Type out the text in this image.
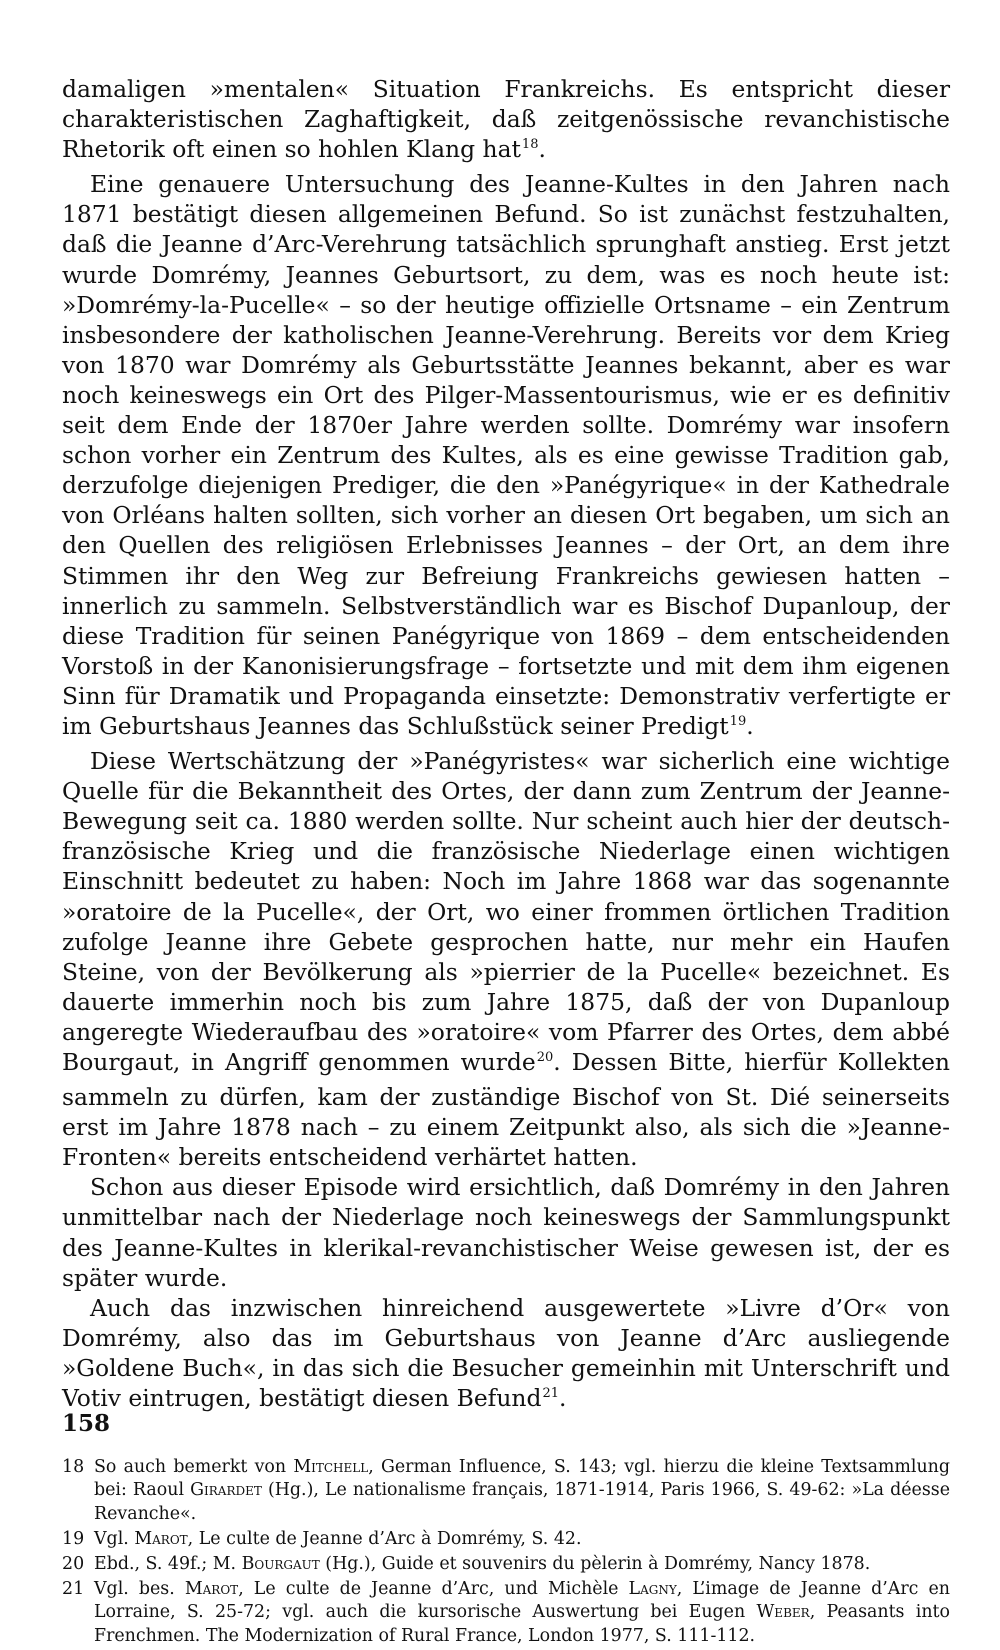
damaligen »mentalen« Situation Frankreichs. Es entspricht dieser charakteristischen Zaghaftigkeit, daß zeitgenössische revanchistische Rhetorik oft einen so hohlen Klang hat$^{18}$.

Eine genauere Untersuchung des Jeanne-Kultes in den Jahren nach 1871 bestätigt diesen allgemeinen Befund. So ist zunächst festzuhalten, daß die Jeanne d’Arc-Verehrung tatsächlich sprunghaft anstieg. Erst jetzt wurde Domrémy, Jeannes Geburtsort, zu dem, was es noch heute ist: »Domrémy-la-Pucelle« – so der heutige offizielle Ortsname – ein Zentrum insbesondere der katholischen Jeanne-Verehrung. Bereits vor dem Krieg von 1870 war Domrémy als Geburtsstätte Jeannes bekannt, aber es war noch keineswegs ein Ort des Pilger-Massentourismus, wie er es definitiv seit dem Ende der 1870er Jahre werden sollte. Domrémy war insofern schon vorher ein Zentrum des Kultes, als es eine gewisse Tradition gab, derzufolge diejenigen Prediger, die den »Panégyrique« in der Kathedrale von Orléans halten sollten, sich vorher an diesen Ort begaben, um sich an den Quellen des religiösen Erlebnisses Jeannes – der Ort, an dem ihre Stimmen ihr den Weg zur Befreiung Frankreichs gewiesen hatten – innerlich zu sammeln. Selbstverständlich war es Bischof Dupanloup, der diese Tradition für seinen Panégyrique von 1869 – dem entscheidenden Vorstoß in der Kanonisierungsfrage – fortsetzte und mit dem ihm eigenen Sinn für Dramatik und Propaganda einsetzte: Demonstrativ verfertigte er im Geburtshaus Jeannes das Schlußstück seiner Predigt$^{19}$.

Diese Wertschätzung der »Panégyristes« war sicherlich eine wichtige Quelle für die Bekanntheit des Ortes, der dann zum Zentrum der Jeanne-Bewegung seit ca. 1880 werden sollte. Nur scheint auch hier der deutsch-französische Krieg und die französische Niederlage einen wichtigen Einschnitt bedeutet zu haben: Noch im Jahre 1868 war das sogenannte »oratoire de la Pucelle«, der Ort, wo einer frommen örtlichen Tradition zufolge Jeanne ihre Gebete gesprochen hatte, nur mehr ein Haufen Steine, von der Bevölkerung als »pierrier de la Pucelle« bezeichnet. Es dauerte immerhin noch bis zum Jahre 1875, daß der von Dupanloup angeregte Wiederaufbau des »oratoire« vom Pfarrer des Ortes, dem abbé Bourgaut, in Angriff genommen wurde$^{20}$. Dessen Bitte, hierfür Kollekten sammeln zu dürfen, kam der zuständige Bischof von St. Dié seinerseits erst im Jahre 1878 nach – zu einem Zeitpunkt also, als sich die »Jeanne-Fronten« bereits entscheidend verhärtet hatten.

Schon aus dieser Episode wird ersichtlich, daß Domrémy in den Jahren unmittelbar nach der Niederlage noch keineswegs der Sammlungspunkt des Jeanne-Kultes in klerikal-revanchistischer Weise gewesen ist, der es später wurde.

Auch das inzwischen hinreichend ausgewertete »Livre d’Or« von Domrémy, also das im Geburtshaus von Jeanne d’Arc ausliegende »Goldene Buch«, in das sich die Besucher gemeinhin mit Unterschrift und Votiv eintrugen, bestätigt diesen Befund$^{21}$.

18 So auch bemerkt von Mitchell, German Influence, S. 143; vgl. hierzu die kleine Textsammlung bei: Raoul Girardet (Hg.), Le nationalisme français, 1871-1914, Paris 1966, S. 49-62: »La déesse Revanche«.
19 Vgl. Marot, Le culte de Jeanne d’Arc à Domrémy, S. 42.
20 Ebd., S. 49f.; M. Bourgaut (Hg.), Guide et souvenirs du pèlerin à Domrémy, Nancy 1878.
21 Vgl. bes. Marot, Le culte de Jeanne d’Arc, und Michèle Lagny, L’image de Jeanne d’Arc en Lorraine, S. 25-72; vgl. auch die kursorische Auswertung bei Eugen Weber, Peasants into Frenchmen. The Modernization of Rural France, London 1977, S. 111-112.
158
